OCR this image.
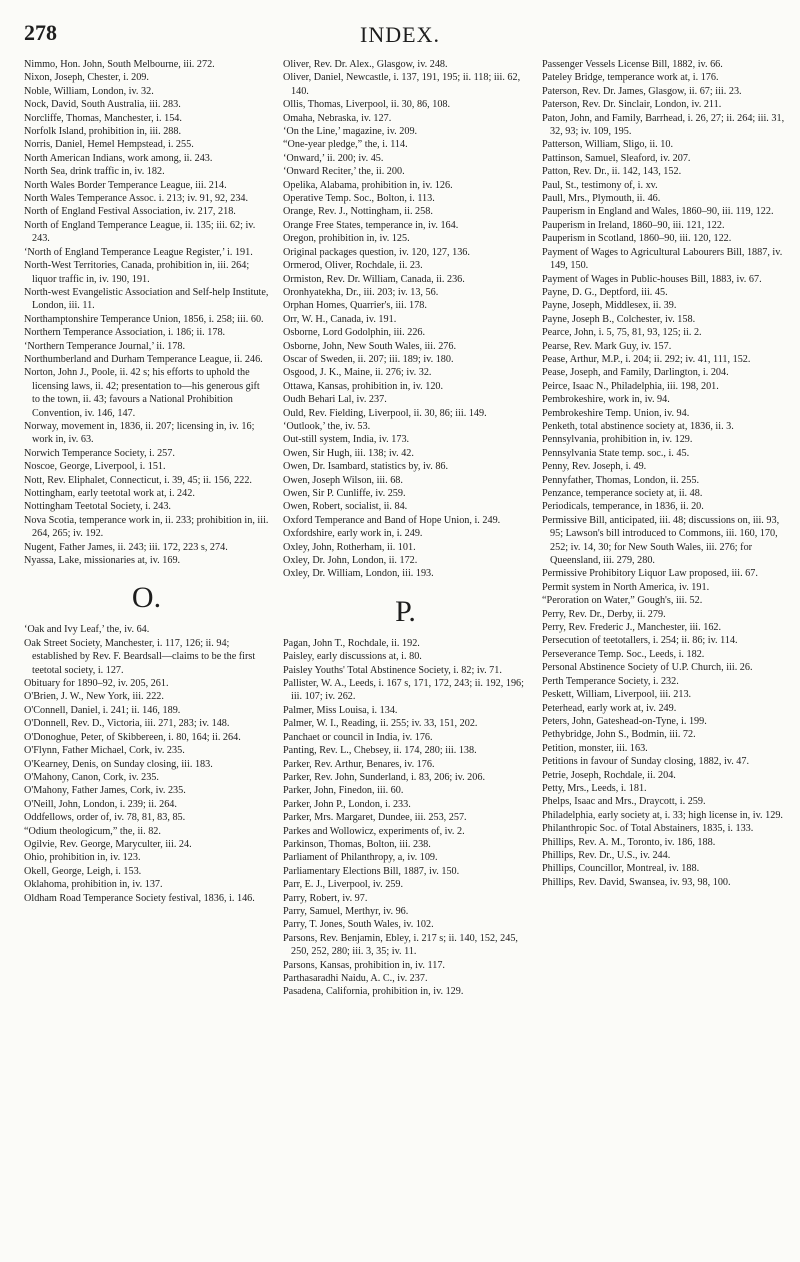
278	INDEX.

Nimmo, Hon. John, South Melbourne, iii. 272.

Nixon, Joseph, Chester, i. 209.

Noble, William, London, iv. 32.

Nock, David, South Australia, iii. 283.

Norcliffe, Thomas, Manchester, i. 154.

Norfolk Island, prohibition in, iii. 288.

Norris, Daniel, Hemel Hempstead, i. 255.

North American Indians, work among, ii. 243.

North Sea, drink traffic in, iv. 182.

North Wales Border Temperance League, iii. 214.

North Wales Temperance Assoc. i. 213; iv. 91, 92, 234.

North of England Festival Association, iv. 217, 218.

North of England Temperance League, ii. 135; iii. 62; iv. 243.

‘North of England Temperance League Register,’ i. 191.

North-West Territories, Canada, prohibition in, iii. 264; liquor traffic in, iv. 190, 191.

North-west Evangelistic Association and Self-help Institute, London, iii. 11.

Northamptonshire Temperance Union, 1856, i. 258; iii. 60.

Northern Temperance Association, i. 186; ii. 178.

‘Northern Temperance Journal,’ ii. 178.

Northumberland and Durham Temperance League, ii. 246.

Norton, John J., Poole, ii. 42 s; his efforts to uphold the licensing laws, ii. 42; presentation to—his generous gift to the town, ii. 43; favours a National Prohibition Convention, iv. 146, 147.

Norway, movement in, 1836, ii. 207; licensing in, iv. 16; work in, iv. 63.

Norwich Temperance Society, i. 257.

Noscoe, George, Liverpool, i. 151.

Nott, Rev. Eliphalet, Connecticut, i. 39, 45; ii. 156, 222.

Nottingham, early teetotal work at, i. 242.

Nottingham Teetotal Society, i. 243.

Nova Scotia, temperance work in, ii. 233; prohibition in, iii. 264, 265; iv. 192.

Nugent, Father James, ii. 243; iii. 172, 223 s, 274.

Nyassa, Lake, missionaries at, iv. 169.

O.

‘Oak and Ivy Leaf,’ the, iv. 64.

Oak Street Society, Manchester, i. 117, 126; ii. 94; established by Rev. F. Beardsall—claims to be the first teetotal society, i. 127.

Obituary for 1890–92, iv. 205, 261.

O'Brien, J. W., New York, iii. 222.

O'Connell, Daniel, i. 241; ii. 146, 189.

O'Donnell, Rev. D., Victoria, iii. 271, 283; iv. 148.

O'Donoghue, Peter, of Skibbereen, i. 80, 164; ii. 264.

O'Flynn, Father Michael, Cork, iv. 235.

O'Kearney, Denis, on Sunday closing, iii. 183.

O'Mahony, Canon, Cork, iv. 235.

O'Mahony, Father James, Cork, iv. 235.

O'Neill, John, London, i. 239; ii. 264.

Oddfellows, order of, iv. 78, 81, 83, 85.

“Odium theologicum,” the, ii. 82.

Ogilvie, Rev. George, Maryculter, iii. 24.

Ohio, prohibition in, iv. 123.

Okell, George, Leigh, i. 153.

Oklahoma, prohibition in, iv. 137.

Oldham Road Temperance Society festival, 1836, i. 146.

Oliver, Rev. Dr. Alex., Glasgow, iv. 248.

Oliver, Daniel, Newcastle, i. 137, 191, 195; ii. 118; iii. 62, 140.

Ollis, Thomas, Liverpool, ii. 30, 86, 108.

Omaha, Nebraska, iv. 127.

‘On the Line,’ magazine, iv. 209.

“One-year pledge,” the, i. 114.

‘Onward,’ ii. 200; iv. 45.

‘Onward Reciter,’ the, ii. 200.

Opelika, Alabama, prohibition in, iv. 126.

Operative Temp. Soc., Bolton, i. 113.

Orange, Rev. J., Nottingham, ii. 258.

Orange Free States, temperance in, iv. 164.

Oregon, prohibition in, iv. 125.

Original packages question, iv. 120, 127, 136.

Ormerod, Oliver, Rochdale, ii. 23.

Ormiston, Rev. Dr. William, Canada, ii. 236.

Oronhyatekha, Dr., iii. 203; iv. 13, 56.

Orphan Homes, Quarrier's, iii. 178.

Orr, W. H., Canada, iv. 191.

Osborne, Lord Godolphin, iii. 226.

Osborne, John, New South Wales, iii. 276.

Oscar of Sweden, ii. 207; iii. 189; iv. 180.

Osgood, J. K., Maine, ii. 276; iv. 32.

Ottawa, Kansas, prohibition in, iv. 120.

Oudh Behari Lal, iv. 237.

Ould, Rev. Fielding, Liverpool, ii. 30, 86; iii. 149.

‘Outlook,’ the, iv. 53.

Out-still system, India, iv. 173.

Owen, Sir Hugh, iii. 138; iv. 42.

Owen, Dr. Isambard, statistics by, iv. 86.

Owen, Joseph Wilson, iii. 68.

Owen, Sir P. Cunliffe, iv. 259.

Owen, Robert, socialist, ii. 84.

Oxford Temperance and Band of Hope Union, i. 249.

Oxfordshire, early work in, i. 249.

Oxley, John, Rotherham, ii. 101.

Oxley, Dr. John, London, ii. 172.

Oxley, Dr. William, London, iii. 193.

P.

Pagan, John T., Rochdale, ii. 192.

Paisley, early discussions at, i. 80.

Paisley Youths' Total Abstinence Society, i. 82; iv. 71.

Pallister, W. A., Leeds, i. 167 s, 171, 172, 243; ii. 192, 196; iii. 107; iv. 262.

Palmer, Miss Louisa, i. 134.

Palmer, W. I., Reading, ii. 255; iv. 33, 151, 202.

Panchaet or council in India, iv. 176.

Panting, Rev. L., Chebsey, ii. 174, 280; iii. 138.

Parker, Rev. Arthur, Benares, iv. 176.

Parker, Rev. John, Sunderland, i. 83, 206; iv. 206.

Parker, John, Finedon, iii. 60.

Parker, John P., London, i. 233.

Parker, Mrs. Margaret, Dundee, iii. 253, 257.

Parkes and Wollowicz, experiments of, iv. 2.

Parkinson, Thomas, Bolton, iii. 238.

Parliament of Philanthropy, a, iv. 109.

Parliamentary Elections Bill, 1887, iv. 150.

Parr, E. J., Liverpool, iv. 259.

Parry, Robert, iv. 97.

Parry, Samuel, Merthyr, iv. 96.

Parry, T. Jones, South Wales, iv. 102.

Parsons, Rev. Benjamin, Ebley, i. 217 s; ii. 140, 152, 245, 250, 252, 280; iii. 3, 35; iv. 11.

Parsons, Kansas, prohibition in, iv. 117.

Parthasaradhi Naidu, A. C., iv. 237.

Pasadena, California, prohibition in, iv. 129.

Passenger Vessels License Bill, 1882, iv. 66.

Pateley Bridge, temperance work at, i. 176.

Paterson, Rev. Dr. James, Glasgow, ii. 67; iii. 23.

Paterson, Rev. Dr. Sinclair, London, iv. 211.

Paton, John, and Family, Barrhead, i. 26, 27; ii. 264; iii. 31, 32, 93; iv. 109, 195.

Patterson, William, Sligo, ii. 10.

Pattinson, Samuel, Sleaford, iv. 207.

Patton, Rev. Dr., ii. 142, 143, 152.

Paul, St., testimony of, i. xv.

Paull, Mrs., Plymouth, ii. 46.

Pauperism in England and Wales, 1860–90, iii. 119, 122.

Pauperism in Ireland, 1860–90, iii. 121, 122.

Pauperism in Scotland, 1860–90, iii. 120, 122.

Payment of Wages to Agricultural Labourers Bill, 1887, iv. 149, 150.

Payment of Wages in Public-houses Bill, 1883, iv. 67.

Payne, D. G., Deptford, iii. 45.

Payne, Joseph, Middlesex, ii. 39.

Payne, Joseph B., Colchester, iv. 158.

Pearce, John, i. 5, 75, 81, 93, 125; ii. 2.

Pearse, Rev. Mark Guy, iv. 157.

Pease, Arthur, M.P., i. 204; ii. 292; iv. 41, 111, 152.

Pease, Joseph, and Family, Darlington, i. 204.

Peirce, Isaac N., Philadelphia, iii. 198, 201.

Pembrokeshire, work in, iv. 94.

Pembrokeshire Temp. Union, iv. 94.

Penketh, total abstinence society at, 1836, ii. 3.

Pennsylvania, prohibition in, iv. 129.

Pennsylvania State temp. soc., i. 45.

Penny, Rev. Joseph, i. 49.

Pennyfather, Thomas, London, ii. 255.

Penzance, temperance society at, ii. 48.

Periodicals, temperance, in 1836, ii. 20.

Permissive Bill, anticipated, iii. 48; discussions on, iii. 93, 95; Lawson's bill introduced to Commons, iii. 160, 170, 252; iv. 14, 30; for New South Wales, iii. 276; for Queensland, iii. 279, 280.

Permissive Prohibitory Liquor Law proposed, iii. 67.

Permit system in North America, iv. 191.

“Peroration on Water,” Gough's, iii. 52.

Perry, Rev. Dr., Derby, ii. 279.

Perry, Rev. Frederic J., Manchester, iii. 162.

Persecution of teetotallers, i. 254; ii. 86; iv. 114.

Perseverance Temp. Soc., Leeds, i. 182.

Personal Abstinence Society of U.P. Church, iii. 26.

Perth Temperance Society, i. 232.

Peskett, William, Liverpool, iii. 213.

Peterhead, early work at, iv. 249.

Peters, John, Gateshead-on-Tyne, i. 199.

Pethybridge, John S., Bodmin, iii. 72.

Petition, monster, iii. 163.

Petitions in favour of Sunday closing, 1882, iv. 47.

Petrie, Joseph, Rochdale, ii. 204.

Petty, Mrs., Leeds, i. 181.

Phelps, Isaac and Mrs., Draycott, i. 259.

Philadelphia, early society at, i. 33; high license in, iv. 129.

Philanthropic Soc. of Total Abstainers, 1835, i. 133.

Phillips, Rev. A. M., Toronto, iv. 186, 188.

Phillips, Rev. Dr., U.S., iv. 244.

Phillips, Councillor, Montreal, iv. 188.

Phillips, Rev. David, Swansea, iv. 93, 98, 100.
